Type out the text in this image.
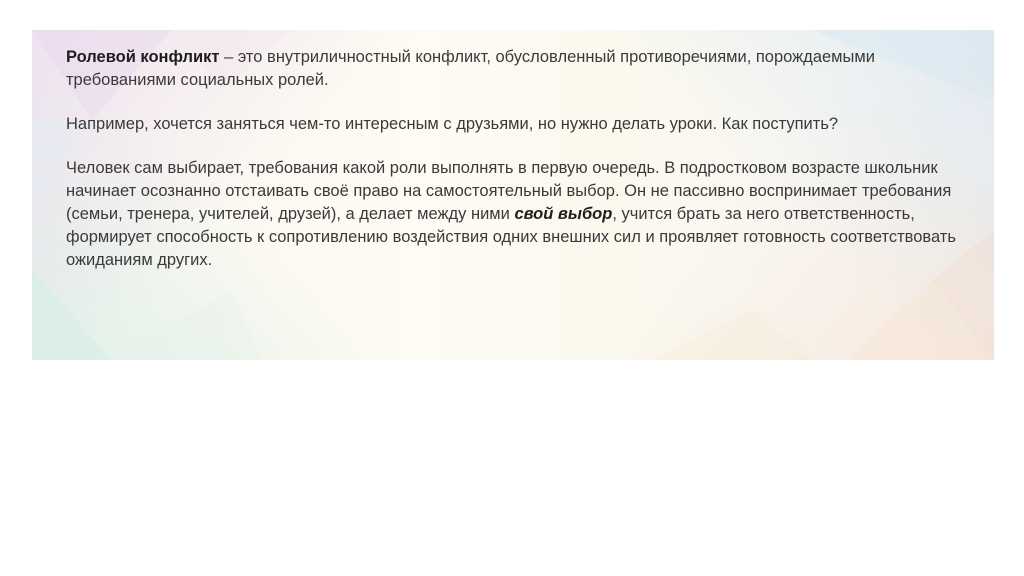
Ролевой конфликт – это внутриличностный конфликт, обусловленный противоречиями, порождаемыми требованиями социальных ролей.

Например, хочется заняться чем-то интересным с друзьями, но нужно делать уроки. Как поступить?

Человек сам выбирает, требования какой роли выполнять в первую очередь. В подростковом возрасте школьник начинает осознанно отстаивать своё право на самостоятельный выбор. Он не пассивно воспринимает требования (семьи, тренера, учителей, друзей), а делает между ними свой выбор, учится брать за него ответственность, формирует способность к сопротивлению воздействия одних внешних сил и проявляет готовность соответствовать ожиданиям других.
